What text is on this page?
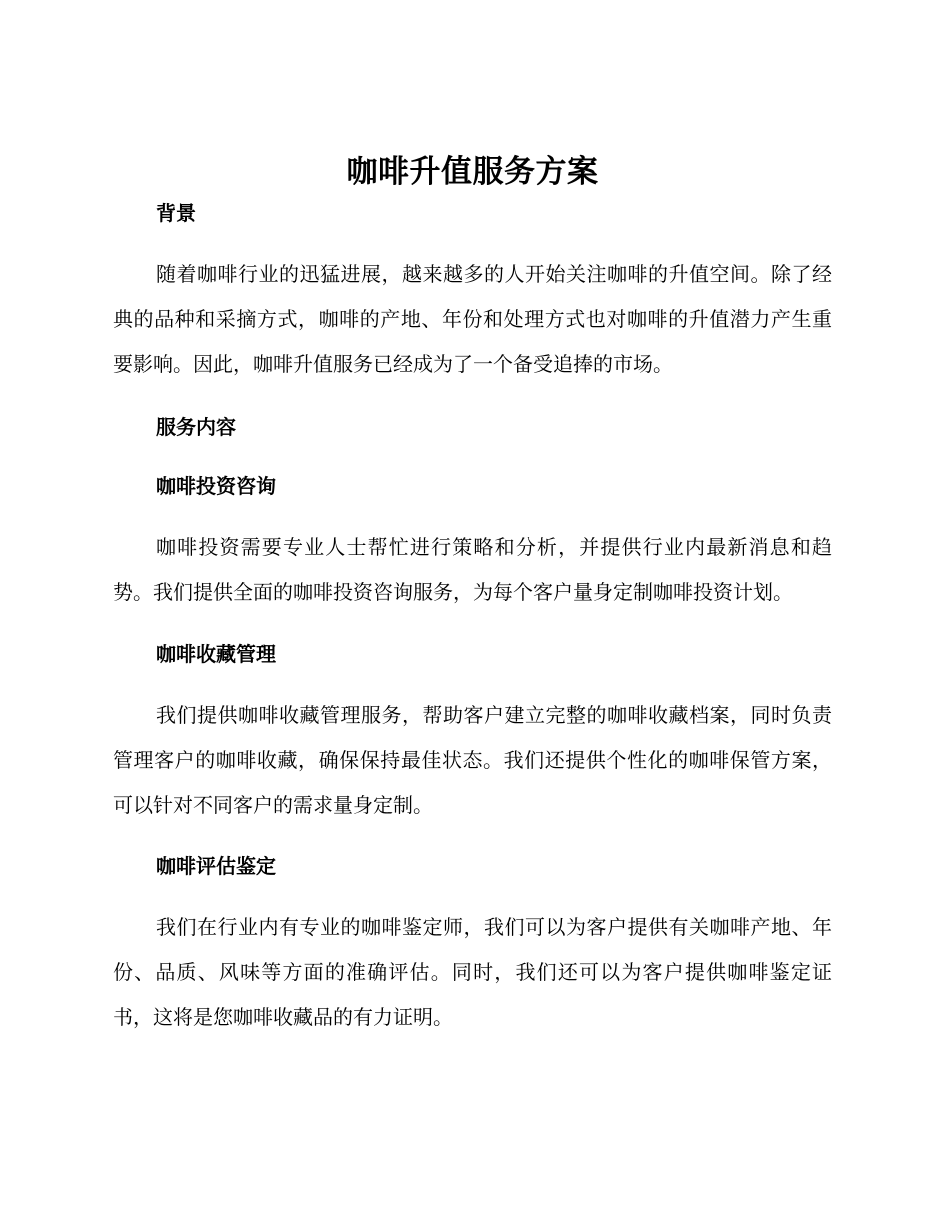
咖啡升值服务方案
背景

随着咖啡行业的迅猛进展，越来越多的人开始关注咖啡的升值空间。除了经典的品种和采摘方式，咖啡的产地、年份和处理方式也对咖啡的升值潜力产生重要影响。因此，咖啡升值服务已经成为了一个备受追捧的市场。

服务内容
咖啡投资咨询

咖啡投资需要专业人士帮忙进行策略和分析，并提供行业内最新消息和趋势。我们提供全面的咖啡投资咨询服务，为每个客户量身定制咖啡投资计划。

咖啡收藏管理

我们提供咖啡收藏管理服务，帮助客户建立完整的咖啡收藏档案，同时负责管理客户的咖啡收藏，确保保持最佳状态。我们还提供个性化的咖啡保管方案，可以针对不同客户的需求量身定制。

咖啡评估鉴定

我们在行业内有专业的咖啡鉴定师，我们可以为客户提供有关咖啡产地、年份、品质、风味等方面的准确评估。同时，我们还可以为客户提供咖啡鉴定证书，这将是您咖啡收藏品的有力证明。
